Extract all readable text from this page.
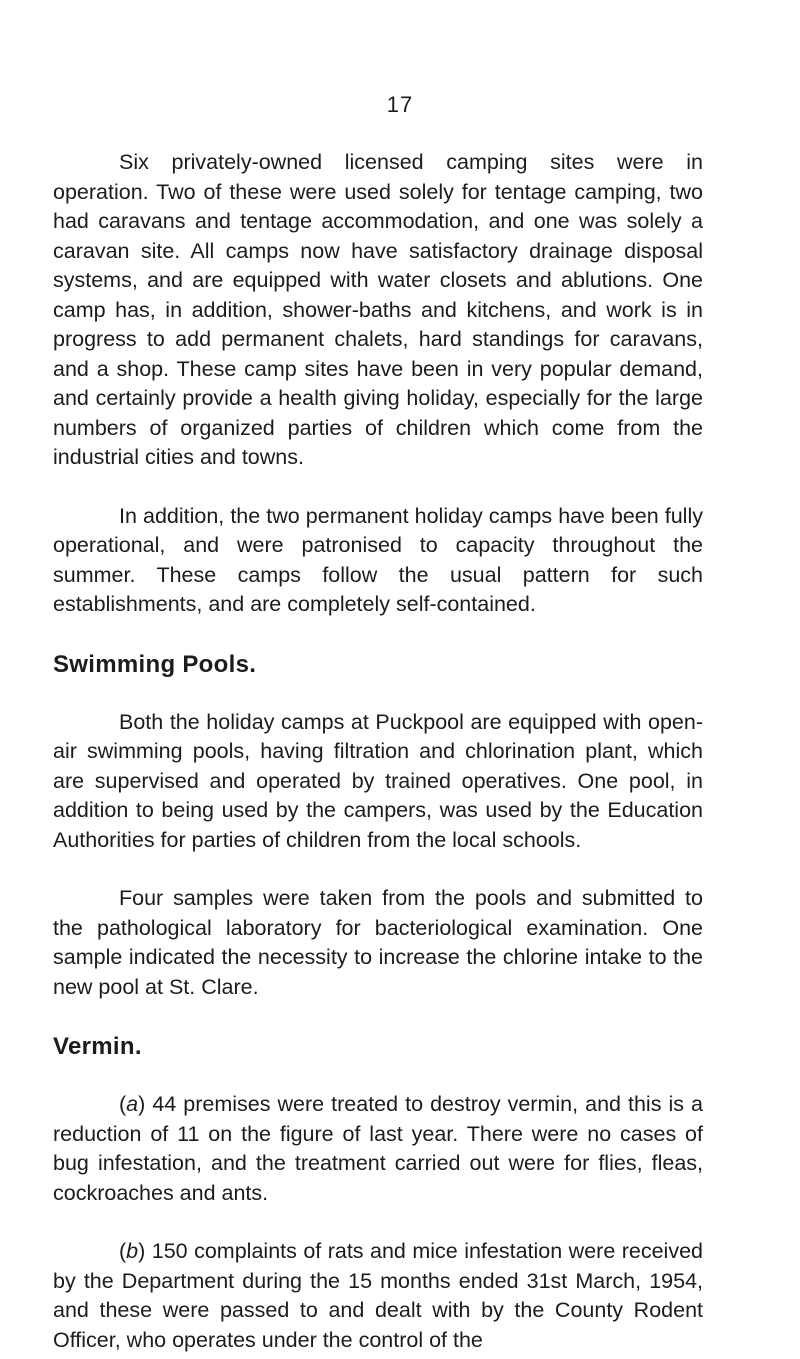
17

Six privately-owned licensed camping sites were in operation. Two of these were used solely for tentage camping, two had caravans and tentage accommodation, and one was solely a caravan site. All camps now have satisfactory drainage disposal systems, and are equipped with water closets and ablutions. One camp has, in addition, shower-baths and kitchens, and work is in progress to add permanent chalets, hard standings for caravans, and a shop. These camp sites have been in very popular demand, and certainly provide a health giving holiday, especially for the large numbers of organized parties of children which come from the industrial cities and towns.

In addition, the two permanent holiday camps have been fully operational, and were patronised to capacity throughout the summer. These camps follow the usual pattern for such establishments, and are completely self-contained.

Swimming Pools.

Both the holiday camps at Puckpool are equipped with open-air swimming pools, having filtration and chlorination plant, which are supervised and operated by trained operatives. One pool, in addition to being used by the campers, was used by the Education Authorities for parties of children from the local schools.

Four samples were taken from the pools and submitted to the pathological laboratory for bacteriological examination. One sample indicated the necessity to increase the chlorine intake to the new pool at St. Clare.

Vermin.

(a) 44 premises were treated to destroy vermin, and this is a reduction of 11 on the figure of last year. There were no cases of bug infestation, and the treatment carried out were for flies, fleas, cockroaches and ants.

(b) 150 complaints of rats and mice infestation were received by the Department during the 15 months ended 31st March, 1954, and these were passed to and dealt with by the County Rodent Officer, who operates under the control of the
